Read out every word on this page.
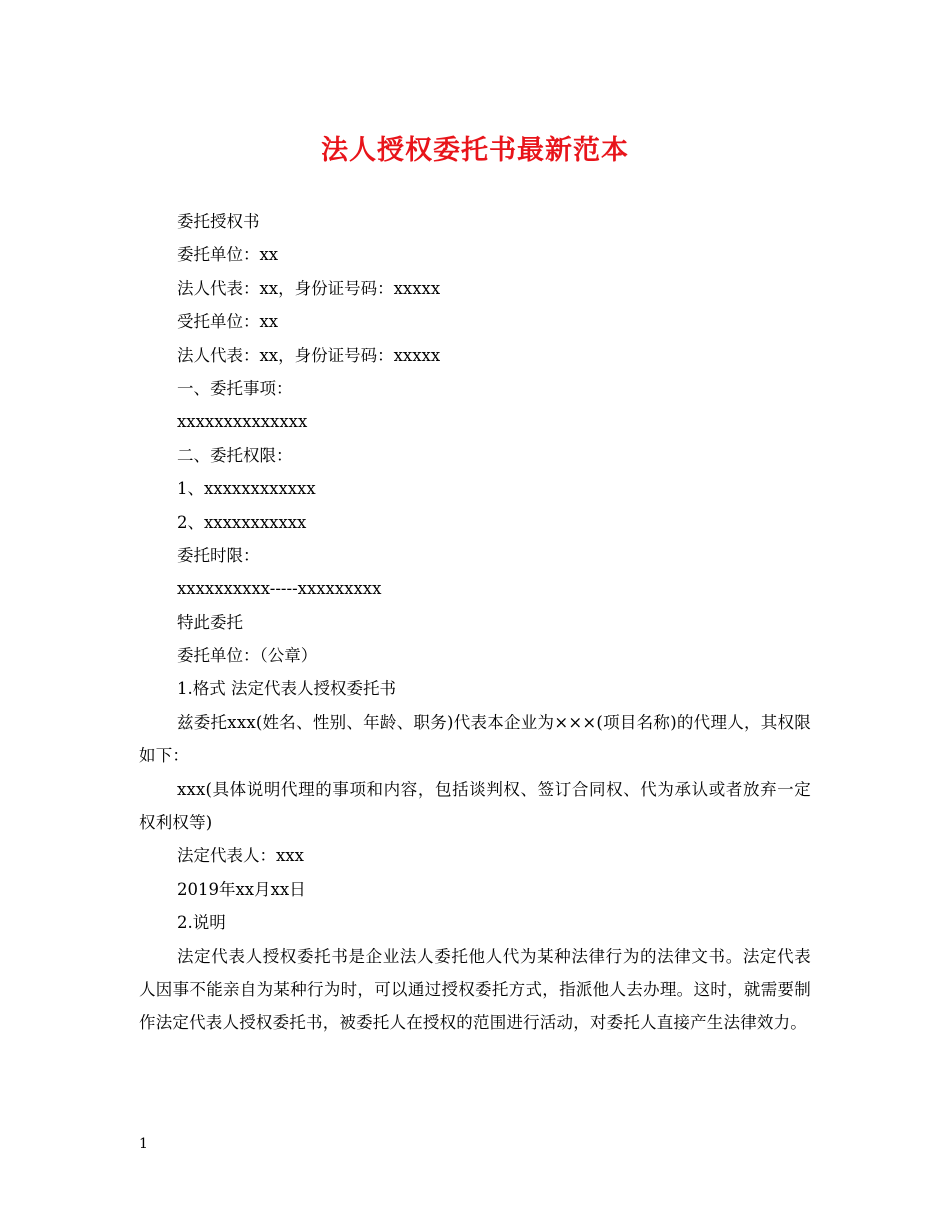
法人授权委托书最新范本

委托授权书

委托单位：xx

法人代表：xx，身份证号码：xxxxx

受托单位：xx

法人代表：xx，身份证号码：xxxxx

一、委托事项：

xxxxxxxxxxxxxx

二、委托权限：

1、xxxxxxxxxxxx

2、xxxxxxxxxxx

委托时限：

xxxxxxxxxx-----xxxxxxxxx

特此委托

委托单位：（公章）

1.格式 法定代表人授权委托书

兹委托xxx(姓名、性别、年龄、职务)代表本企业为×××(项目名称)的代理人，其权限如下：

xxx(具体说明代理的事项和内容，包括谈判权、签订合同权、代为承认或者放弃一定权利权等)

法定代表人：xxx

2019年xx月xx日

2.说明

法定代表人授权委托书是企业法人委托他人代为某种法律行为的法律文书。法定代表人因事不能亲自为某种行为时，可以通过授权委托方式，指派他人去办理。这时，就需要制作法定代表人授权委托书，被委托人在授权的范围进行活动，对委托人直接产生法律效力。

1
